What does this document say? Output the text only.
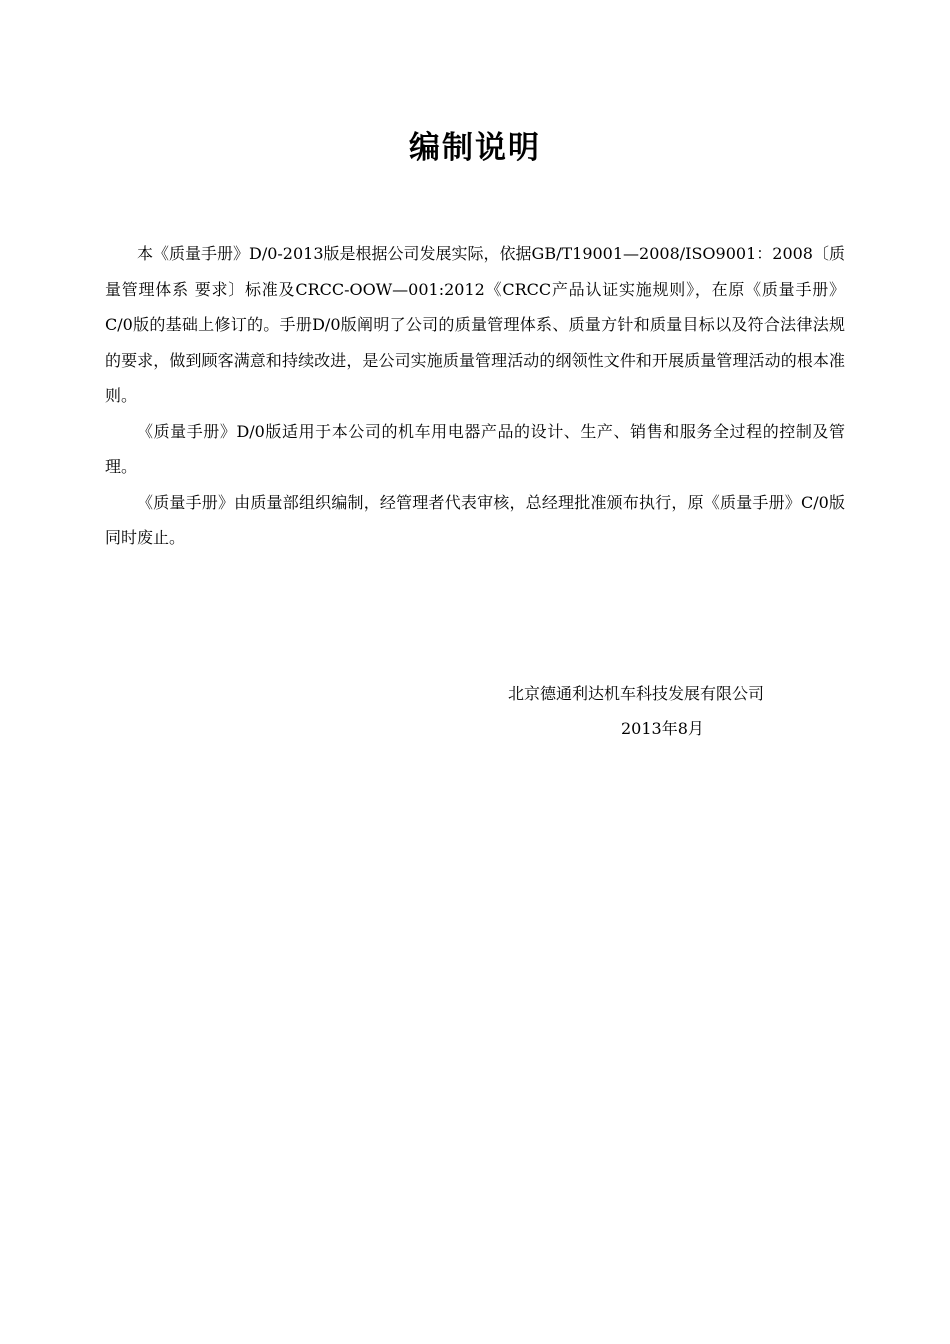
编制说明

本《质量手册》D/0-2013版是根据公司发展实际，依据GB/T19001—2008/ISO9001：2008〔质量管理体系 要求〕标准及CRCC-OOW—001:2012《CRCC产品认证实施规则》，在原《质量手册》C/0版的基础上修订的。手册D/0版阐明了公司的质量管理体系、质量方针和质量目标以及符合法律法规的要求，做到顾客满意和持续改进，是公司实施质量管理活动的纲领性文件和开展质量管理活动的根本准则。

《质量手册》D/0版适用于本公司的机车用电器产品的设计、生产、销售和服务全过程的控制及管理。

《质量手册》由质量部组织编制，经管理者代表审核，总经理批准颁布执行，原《质量手册》C/0版同时废止。

北京德通利达机车科技发展有限公司
2013年8月
